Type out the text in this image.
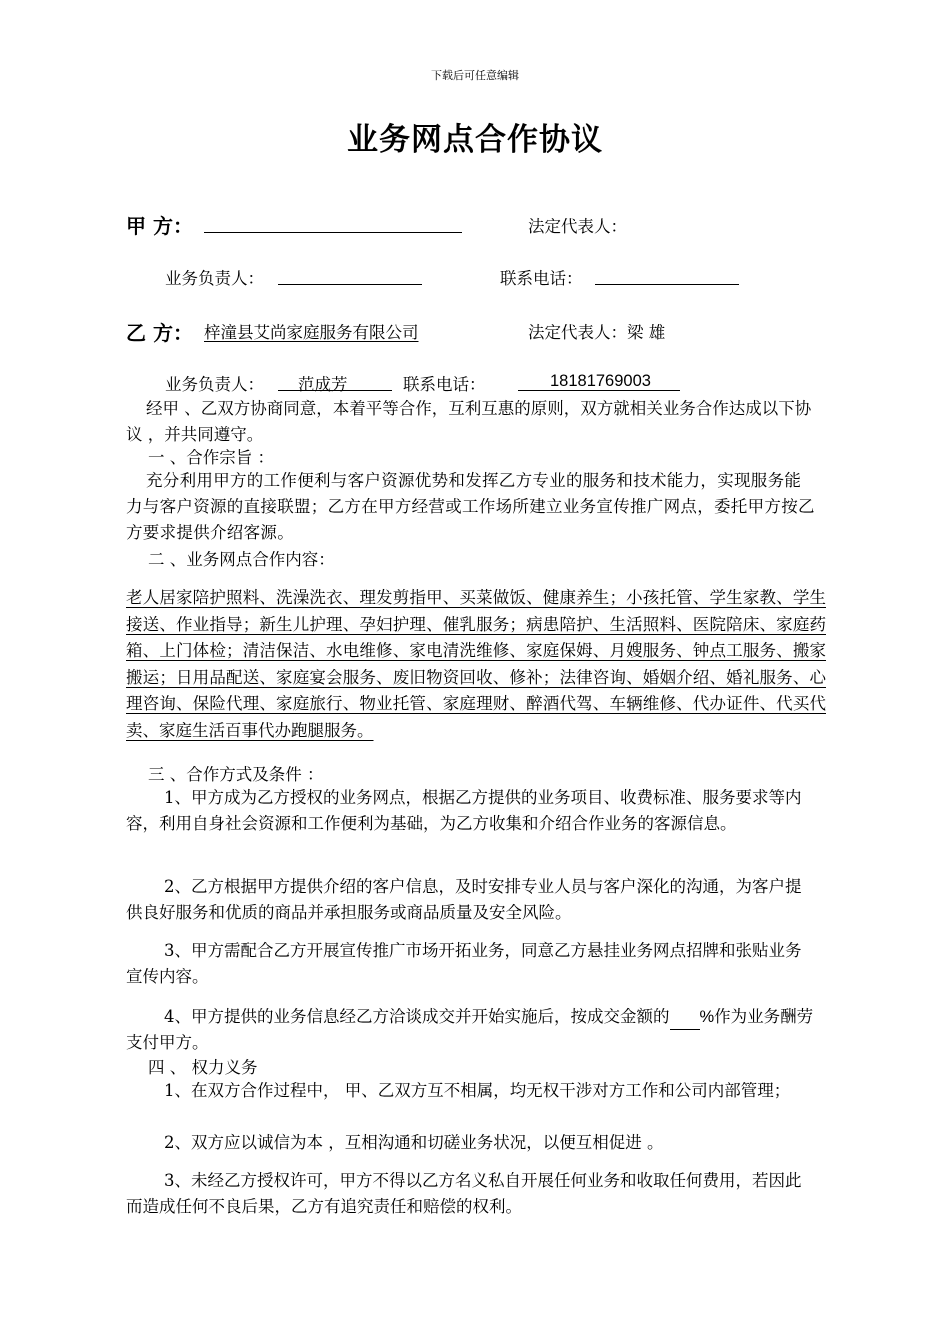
下载后可任意编辑
业务网点合作协议
甲 方：	法定代表人：
业务负责人：	联系电话：
乙 方： 梓潼县艾尚家庭服务有限公司	法定代表人：梁 雄
业务负责人： 范成芳	联系电话：	18181769003
经甲 、乙双方协商同意，本着平等合作，互利互惠的原则，双方就相关业务合作达成以下协议 ，并共同遵守。
一 、合作宗旨 ：
充分利用甲方的工作便利与客户资源优势和发挥乙方专业的服务和技术能力，实现服务能力与客户资源的直接联盟；乙方在甲方经营或工作场所建立业务宣传推广网点，委托甲方按乙方要求提供介绍客源。
二 、业务网点合作内容：
老人居家陪护照料、洗澡洗衣、理发剪指甲、买菜做饭、健康养生；小孩托管、学生家教、学生接送、作业指导；新生儿护理、孕妇护理、催乳服务；病患陪护、生活照料、医院陪床、家庭药箱、上门体检；清洁保洁、水电维修、家电清洗维修、家庭保姆、月嫂服务、钟点工服务、搬家搬运；日用品配送、家庭宴会服务、废旧物资回收、修补；法律咨询、婚姻介绍、婚礼服务、心理咨询、保险代理、家庭旅行、物业托管、家庭理财、醉酒代驾、车辆维修、代办证件、代买代卖、家庭生活百事代办跑腿服务。
三 、合作方式及条件 ：
1、甲方成为乙方授权的业务网点，根据乙方提供的业务项目、收费标准、服务要求等内容，利用自身社会资源和工作便利为基础，为乙方收集和介绍合作业务的客源信息。
2、乙方根据甲方提供介绍的客户信息，及时安排专业人员与客户深化的沟通，为客户提供良好服务和优质的商品并承担服务或商品质量及安全风险。
3、甲方需配合乙方开展宣传推广市场开拓业务，同意乙方悬挂业务网点招牌和张贴业务宣传内容。
4、甲方提供的业务信息经乙方洽谈成交并开始实施后，按成交金额的 %作为业务酬劳支付甲方。
四 、 权力义务
1、在双方合作过程中， 甲、乙双方互不相属，均无权干涉对方工作和公司内部管理；
2、双方应以诚信为本 ，互相沟通和切磋业务状况，以便互相促进 。
3、未经乙方授权许可，甲方不得以乙方名义私自开展任何业务和收取任何费用，若因此而造成任何不良后果，乙方有追究责任和赔偿的权利。
